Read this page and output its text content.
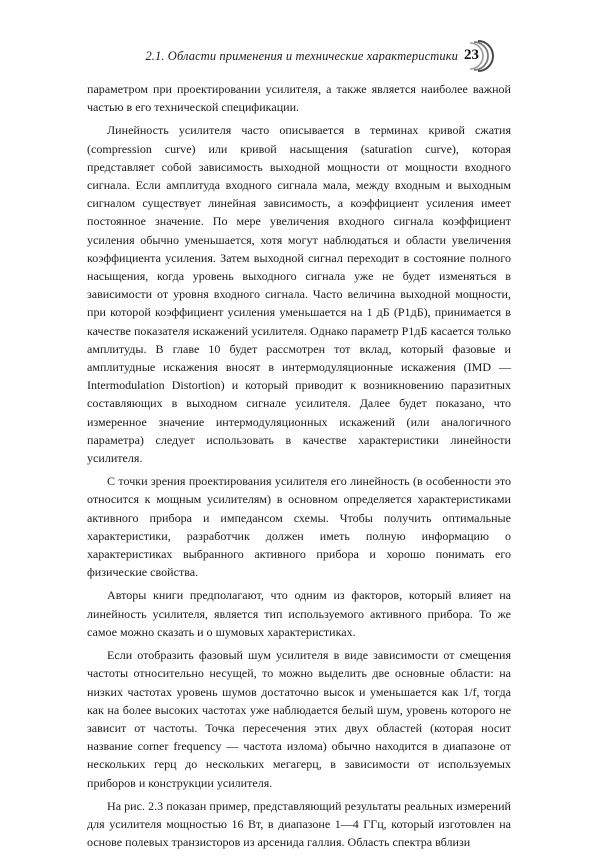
2.1. Области применения и технические характеристики 23

параметром при проектировании усилителя, а также является наиболее важной частью в его технической спецификации.

Линейность усилителя часто описывается в терминах кривой сжатия (compression curve) или кривой насыщения (saturation curve), которая представляет собой зависимость выходной мощности от мощности входного сигнала. Если амплитуда входного сигнала мала, между входным и выходным сигналом существует линейная зависимость, а коэффициент усиления имеет постоянное значение. По мере увеличения входного сигнала коэффициент усиления обычно уменьшается, хотя могут наблюдаться и области увеличения коэффициента усиления. Затем выходной сигнал переходит в состояние полного насыщения, когда уровень выходного сигнала уже не будет изменяться в зависимости от уровня входного сигнала. Часто величина выходной мощности, при которой коэффициент усиления уменьшается на 1 дБ (P1дБ), принимается в качестве показателя искажений усилителя. Однако параметр P1дБ касается только амплитуды. В главе 10 будет рассмотрен тот вклад, который фазовые и амплитудные искажения вносят в интермодуляционные искажения (IMD — Intermodulation Distortion) и который приводит к возникновению паразитных составляющих в выходном сигнале усилителя. Далее будет показано, что измеренное значение интермодуляционных искажений (или аналогичного параметра) следует использовать в качестве характеристики линейности усилителя.

С точки зрения проектирования усилителя его линейность (в особенности это относится к мощным усилителям) в основном определяется характеристиками активного прибора и импедансом схемы. Чтобы получить оптимальные характеристики, разработчик должен иметь полную информацию о характеристиках выбранного активного прибора и хорошо понимать его физические свойства.

Авторы книги предполагают, что одним из факторов, который влияет на линейность усилителя, является тип используемого активного прибора. То же самое можно сказать и о шумовых характеристиках.

Если отобразить фазовый шум усилителя в виде зависимости от смещения частоты относительно несущей, то можно выделить две основные области: на низких частотах уровень шумов достаточно высок и уменьшается как 1/f, тогда как на более высоких частотах уже наблюдается белый шум, уровень которого не зависит от частоты. Точка пересечения этих двух областей (которая носит название corner frequency — частота излома) обычно находится в диапазоне от нескольких герц до нескольких мегагерц, в зависимости от используемых приборов и конструкции усилителя.

На рис. 2.3 показан пример, представляющий результаты реальных измерений для усилителя мощностью 16 Вт, в диапазоне 1—4 ГГц, который изготовлен на основе полевых транзисторов из арсенида галлия. Область спектра вблизи
